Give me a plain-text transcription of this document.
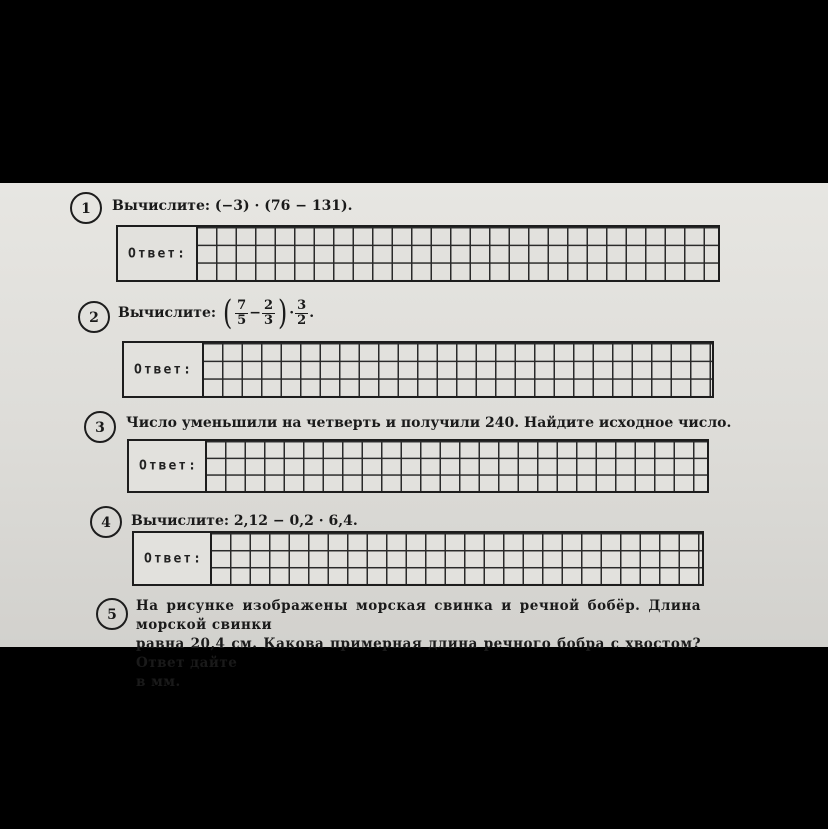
1	Вычислите: (−3) · (76 − 131).
Ответ:
2	Вычислите: ( $\frac{7}{5} - \frac{2}{3}$ ) · $\frac{3}{2}$ .
Ответ:
3	Число уменьшили на четверть и получили 240. Найдите исходное число.
Ответ:
4	Вычислите: 2,12 − 0,2 · 6,4.
Ответ:
5
На рисунке изображены морская свинка и речной бобёр. Длина морской свинки
равна 20,4 см. Какова примерная длина речного бобра с хвостом? Ответ дайте
в мм.
